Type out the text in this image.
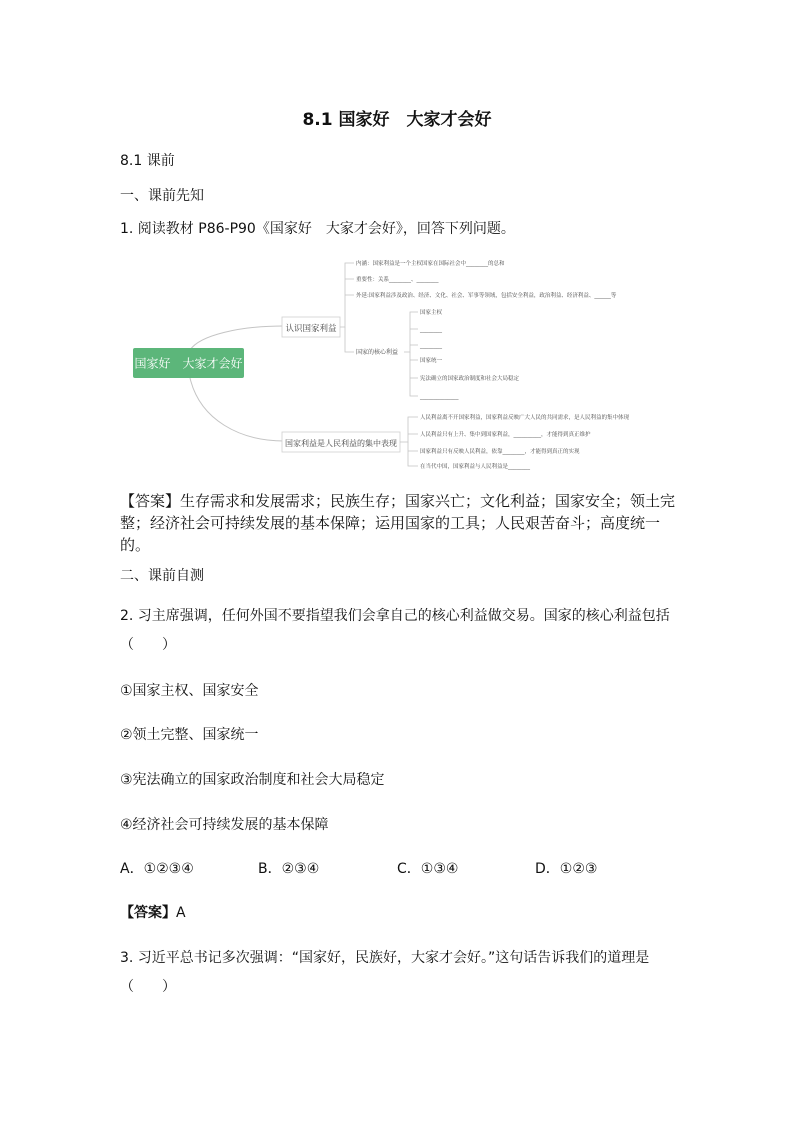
8.1 国家好　大家才会好
8.1 课前
一、课前先知
1. 阅读教材 P86-P90《国家好　大家才会好》，回答下列问题。
国家好　大家才会好
认识国家利益
内涵：国家利益是一个主权国家在国际社会中________的总和
重要性：关系________、________
外延:国家利益涉及政治、经济、文化、社会、军事等领域，包括安全利益，政治利益、经济利益、______等
国家的核心利益
国家主权
________
________
国家统一
宪法确立的国家政治制度和社会大局稳定
______________
国家利益是人民利益的集中表现
人民利益离不开国家利益，国家利益反映广大人民的共同需求，是人民利益的集中体现
人民利益只有上升、集中到国家利益，__________，才能得到真正维护
国家利益只有反映人民利益，依靠________，才能得到真正的实现
在当代中国，国家利益与人民利益是________
【答案】生存需求和发展需求；民族生存；国家兴亡；文化利益；国家安全；领土完整；经济社会可持续发展的基本保障；运用国家的工具；人民艰苦奋斗；高度统一的。
二、课前自测
2. 习主席强调，任何外国不要指望我们会拿自己的核心利益做交易。国家的核心利益包括
（　　）
①国家主权、国家安全
②领土完整、国家统一
③宪法确立的国家政治制度和社会大局稳定
④经济社会可持续发展的基本保障
A．①②③④	B．②③④	C．①③④	D．①②③
【答案】A
3. 习近平总书记多次强调：“国家好，民族好，大家才会好。”这句话告诉我们的道理是
（　　）
